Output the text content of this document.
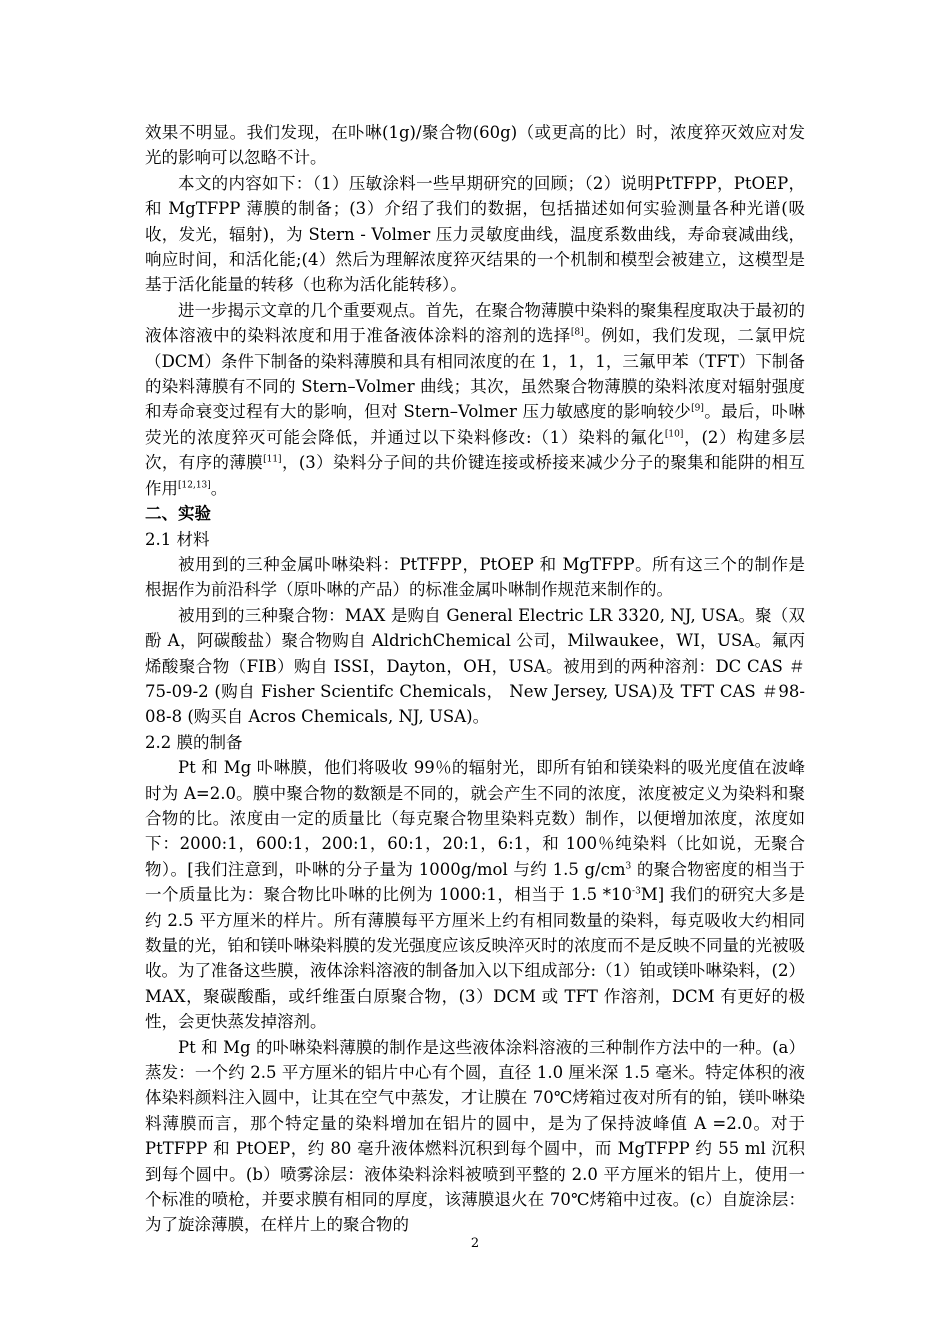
效果不明显。我们发现，在卟啉(1g)/聚合物(60g)（或更高的比）时，浓度猝灭效应对发光的影响可以忽略不计。

本文的内容如下：（1）压敏涂料一些早期研究的回顾；（2）说明PtTFPP，PtOEP，和 MgTFPP 薄膜的制备；(3）介绍了我们的数据，包括描述如何实验测量各种光谱(吸收，发光，辐射)，为 Stern - Volmer 压力灵敏度曲线，温度系数曲线，寿命衰减曲线，响应时间，和活化能;(4）然后为理解浓度猝灭结果的一个机制和模型会被建立，这模型是基于活化能量的转移（也称为活化能转移）。

进一步揭示文章的几个重要观点。首先，在聚合物薄膜中染料的聚集程度取决于最初的液体溶液中的染料浓度和用于准备液体涂料的溶剂的选择[8]。例如，我们发现，二氯甲烷（DCM）条件下制备的染料薄膜和具有相同浓度的在 1，1，1，三氟甲苯（TFT）下制备的染料薄膜有不同的 Stern–Volmer 曲线；其次，虽然聚合物薄膜的染料浓度对辐射强度和寿命衰变过程有大的影响，但对 Stern–Volmer 压力敏感度的影响较少[9]。最后，卟啉荧光的浓度猝灭可能会降低，并通过以下染料修改:（1）染料的氟化[10]，(2）构建多层次，有序的薄膜[11]，(3）染料分子间的共价键连接或桥接来减少分子的聚集和能阱的相互作用[12,13]。

二、实验

2.1 材料

被用到的三种金属卟啉染料：PtTFPP，PtOEP 和 MgTFPP。所有这三个的制作是根据作为前沿科学（原卟啉的产品）的标准金属卟啉制作规范来制作的。

被用到的三种聚合物：MAX 是购自 General Electric LR 3320, NJ, USA。聚（双酚 A，阿碳酸盐）聚合物购自 AldrichChemical 公司，Milwaukee，WI，USA。氟丙烯酸聚合物（FIB）购自 ISSI，Dayton，OH，USA。被用到的两种溶剂：DC CAS ＃75-09-2 (购自 Fisher Scientifc Chemicals， New Jersey, USA)及 TFT CAS ＃98-08-8 (购买自 Acros Chemicals, NJ, USA)。

2.2 膜的制备

Pt 和 Mg 卟啉膜，他们将吸收 99％的辐射光，即所有铂和镁染料的吸光度值在波峰时为 A=2.0。膜中聚合物的数额是不同的，就会产生不同的浓度，浓度被定义为染料和聚合物的比。浓度由一定的质量比（每克聚合物里染料克数）制作，以便增加浓度，浓度如下：2000:1，600:1，200:1，60:1，20:1，6:1，和 100％纯染料（比如说，无聚合物）。[我们注意到，卟啉的分子量为 1000g/mol 与约 1.5 $g/cm^3$ 的聚合物密度的相当于一个质量比为：聚合物比卟啉的比例为 1000:1，相当于 1.5 $*10^{-3}M$] 我们的研究大多是约 2.5 平方厘米的样片。所有薄膜每平方厘米上约有相同数量的染料，每克吸收大约相同数量的光，铂和镁卟啉染料膜的发光强度应该反映淬灭时的浓度而不是反映不同量的光被吸收。为了准备这些膜，液体涂料溶液的制备加入以下组成部分:（1）铂或镁卟啉染料，(2）MAX，聚碳酸酯，或纤维蛋白原聚合物，(3）DCM 或 TFT 作溶剂，DCM 有更好的极性，会更快蒸发掉溶剂。

Pt 和 Mg 的卟啉染料薄膜的制作是这些液体涂料溶液的三种制作方法中的一种。(a）蒸发：一个约 2.5 平方厘米的铝片中心有个圆，直径 1.0 厘米深 1.5 毫米。特定体积的液体染料颜料注入圆中，让其在空气中蒸发，才让膜在 70℃烤箱过夜对所有的铂，镁卟啉染料薄膜而言，那个特定量的染料增加在铝片的圆中，是为了保持波峰值 A =2.0。对于 PtTFPP 和 PtOEP，约 80 毫升液体燃料沉积到每个圆中，而 MgTFPP 约 55 ml 沉积到每个圆中。(b）喷雾涂层：液体染料涂料被喷到平整的 2.0 平方厘米的铝片上，使用一个标准的喷枪，并要求膜有相同的厚度，该薄膜退火在 70℃烤箱中过夜。(c）自旋涂层：为了旋涂薄膜，在样片上的聚合物的

2
